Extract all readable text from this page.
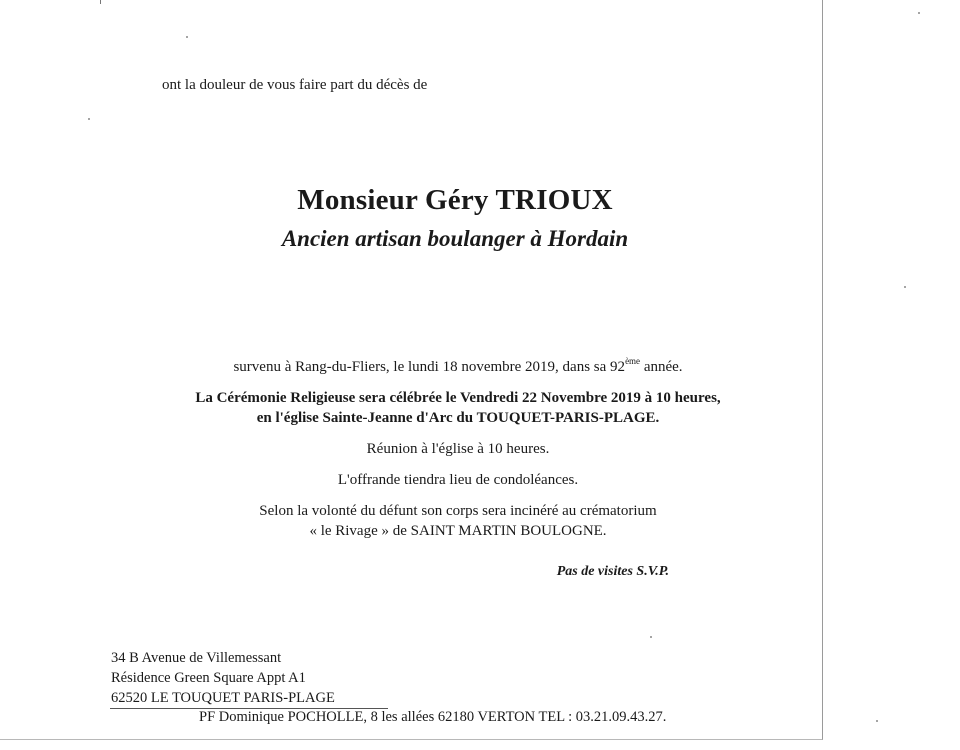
ont la douleur de vous faire part du décès de
Monsieur Géry TRIOUX
Ancien artisan boulanger à Hordain
survenu à Rang-du-Fliers, le lundi 18 novembre 2019, dans sa 92ème année.
La Cérémonie Religieuse sera célébrée le Vendredi 22 Novembre 2019 à 10 heures,
en l'église Sainte-Jeanne d'Arc du TOUQUET-PARIS-PLAGE.
Réunion à l'église à 10 heures.
L'offrande tiendra lieu de condoléances.
Selon la volonté du défunt son corps sera incinéré au crématorium
« le Rivage » de SAINT MARTIN BOULOGNE.
Pas de visites S.V.P.
34 B Avenue de Villemessant
Résidence Green Square Appt A1
62520 LE TOUQUET PARIS-PLAGE
PF Dominique POCHOLLE, 8 les allées 62180 VERTON TEL : 03.21.09.43.27.
